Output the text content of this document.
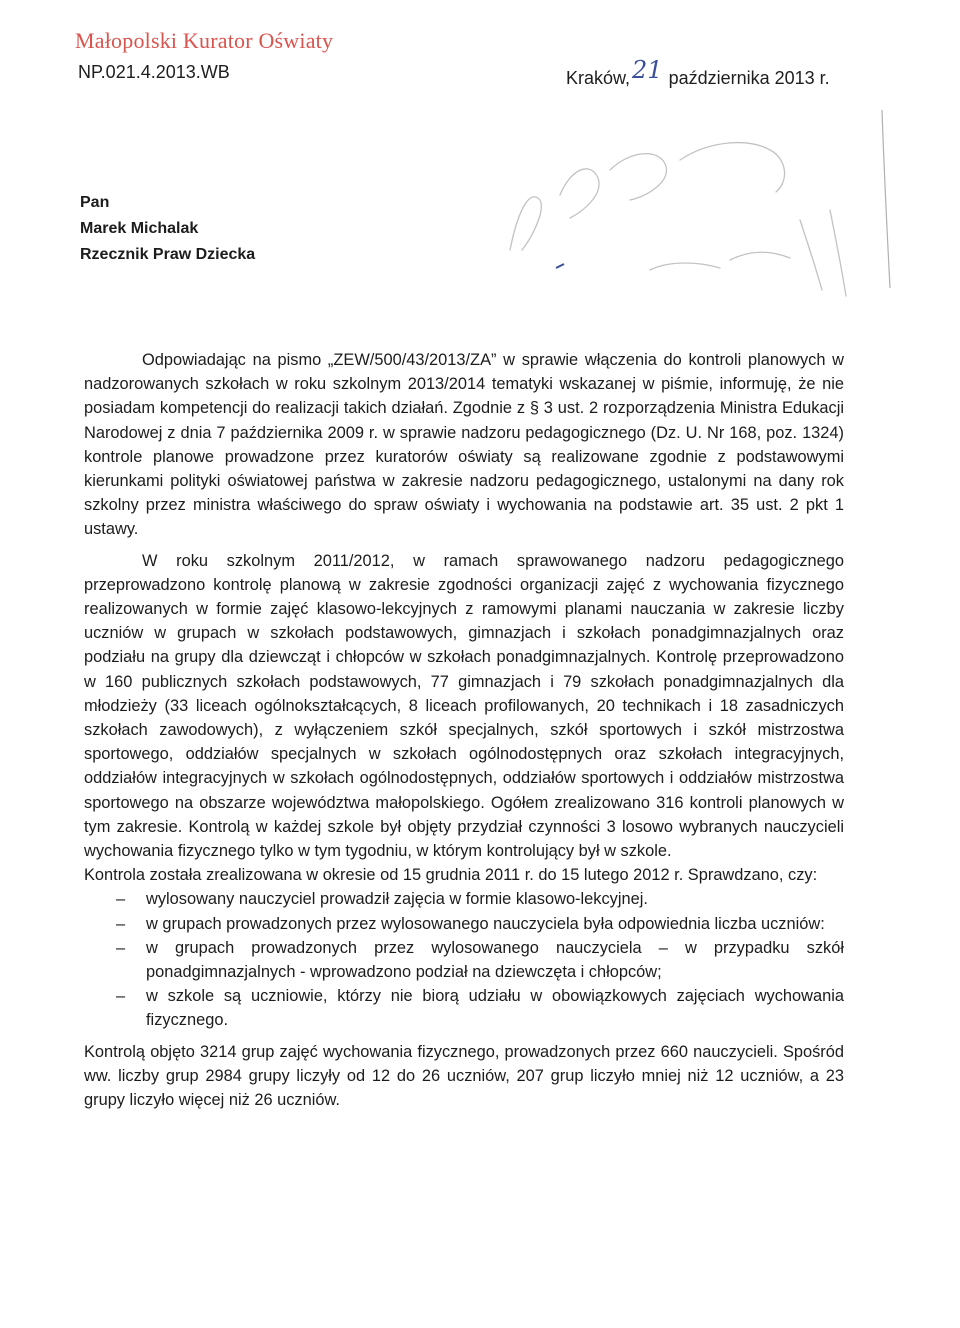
Małopolski Kurator Oświaty
NP.021.4.2013.WB	Kraków,21 października 2013 r.
Pan
Marek Michalak
Rzecznik Praw Dziecka

Odpowiadając na pismo „ZEW/500/43/2013/ZA” w sprawie włączenia do kontroli planowych w nadzorowanych szkołach w roku szkolnym 2013/2014 tematyki wskazanej w piśmie, informuję, że nie posiadam kompetencji do realizacji takich działań. Zgodnie z § 3 ust. 2 rozporządzenia Ministra Edukacji Narodowej z dnia 7 października 2009 r. w sprawie nadzoru pedagogicznego (Dz. U. Nr 168, poz. 1324) kontrole planowe prowadzone przez kuratorów oświaty są realizowane zgodnie z podstawowymi kierunkami polityki oświatowej państwa w zakresie nadzoru pedagogicznego, ustalonymi na dany rok szkolny przez ministra właściwego do spraw oświaty i wychowania na podstawie art. 35 ust. 2 pkt 1 ustawy.

W roku szkolnym 2011/2012, w ramach sprawowanego nadzoru pedagogicznego przeprowadzono kontrolę planową w zakresie zgodności organizacji zajęć z wychowania fizycznego realizowanych w formie zajęć klasowo-lekcyjnych z ramowymi planami nauczania w zakresie liczby uczniów w grupach w szkołach podstawowych, gimnazjach i szkołach ponadgimnazjalnych oraz podziału na grupy dla dziewcząt i chłopców w szkołach ponadgimnazjalnych. Kontrolę przeprowadzono w 160 publicznych szkołach podstawowych, 77 gimnazjach i 79 szkołach ponadgimnazjalnych dla młodzieży (33 liceach ogólnokształcących, 8 liceach profilowanych, 20 technikach i 18 zasadniczych szkołach zawodowych), z wyłączeniem szkół specjalnych, szkół sportowych i szkół mistrzostwa sportowego, oddziałów specjalnych w szkołach ogólnodostępnych oraz szkołach integracyjnych, oddziałów integracyjnych w szkołach ogólnodostępnych, oddziałów sportowych i oddziałów mistrzostwa sportowego na obszarze województwa małopolskiego. Ogółem zrealizowano 316 kontroli planowych w tym zakresie. Kontrolą w każdej szkole był objęty przydział czynności 3 losowo wybranych nauczycieli wychowania fizycznego tylko w tym tygodniu, w którym kontrolujący był w szkole.

Kontrola została zrealizowana w okresie od 15 grudnia 2011 r. do 15 lutego 2012 r. Sprawdzano, czy:

– wylosowany nauczyciel prowadził zajęcia w formie klasowo-lekcyjnej.
– w grupach prowadzonych przez wylosowanego nauczyciela była odpowiednia liczba uczniów:
– w grupach prowadzonych przez wylosowanego nauczyciela – w przypadku szkół ponadgimnazjalnych - wprowadzono podział na dziewczęta i chłopców;
– w szkole są uczniowie, którzy nie biorą udziału w obowiązkowych zajęciach wychowania fizycznego.

Kontrolą objęto 3214 grup zajęć wychowania fizycznego, prowadzonych przez 660 nauczycieli. Spośród ww. liczby grup 2984 grupy liczyły od 12 do 26 uczniów, 207 grup liczyło mniej niż 12 uczniów, a 23 grupy liczyło więcej niż 26 uczniów.
